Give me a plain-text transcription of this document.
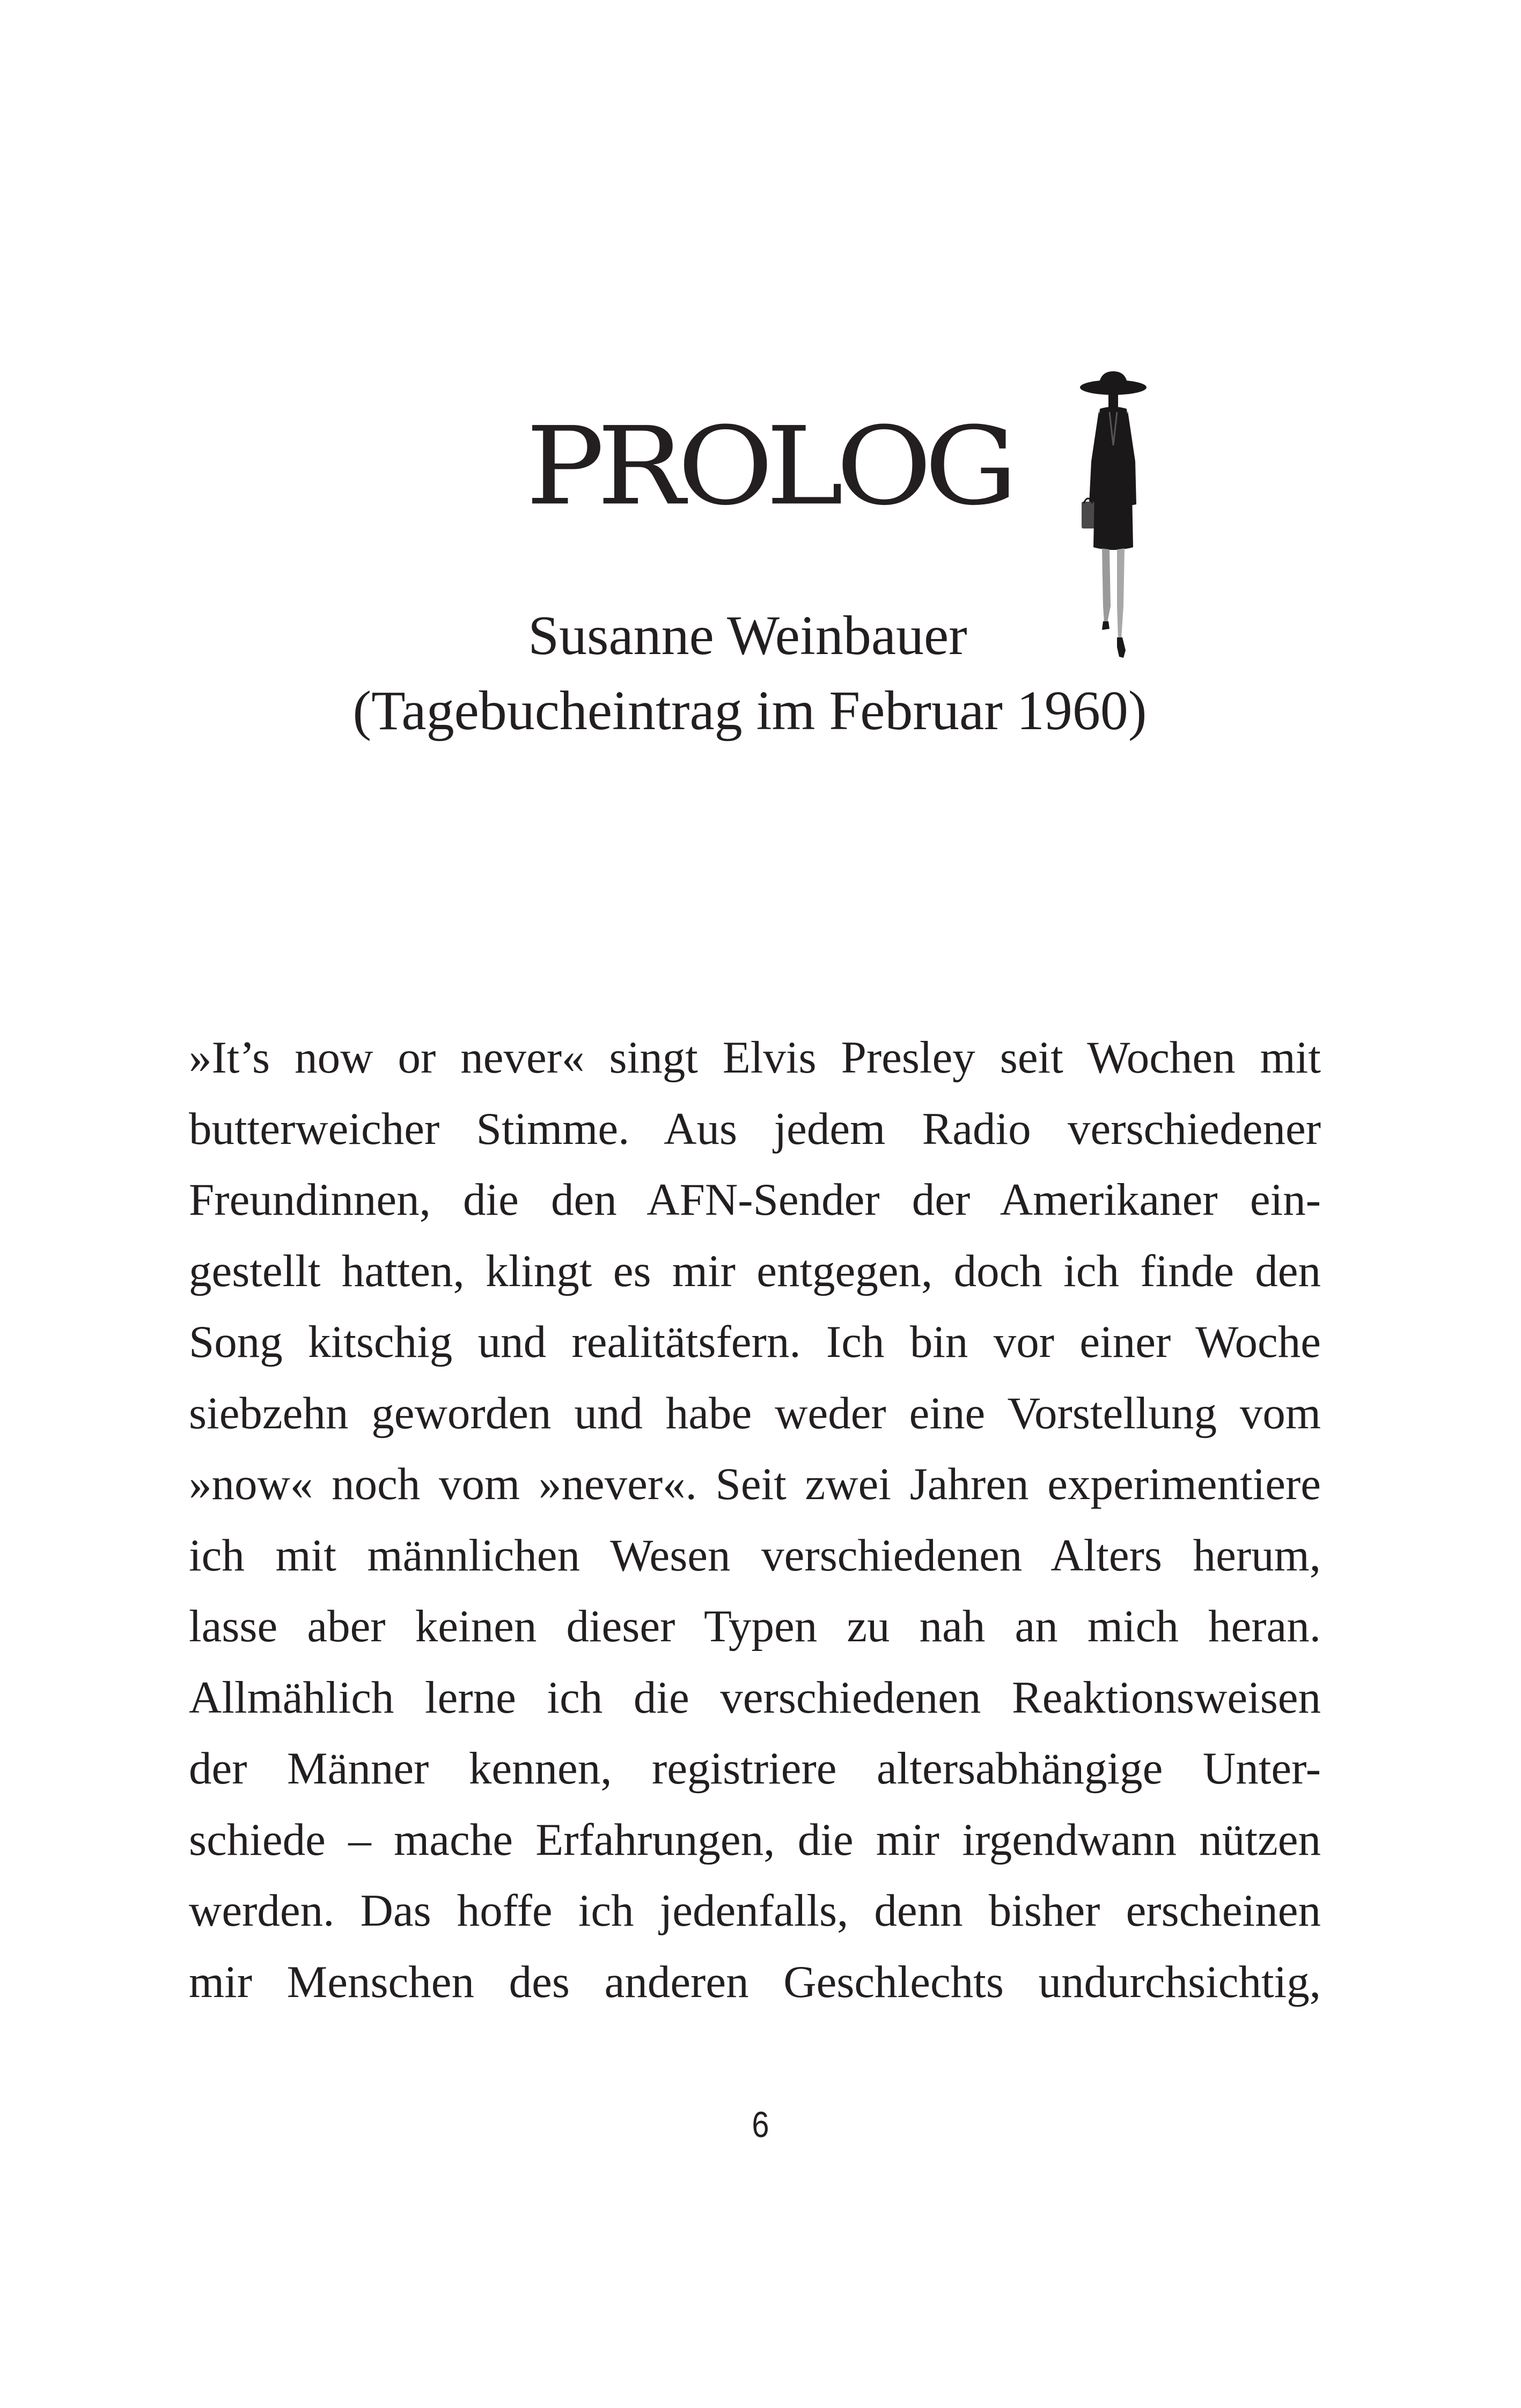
PROLOG
Susanne Weinbauer
(Tagebucheintrag im Februar 1960)
»It’s now or never« singt Elvis Presley seit Wochen mit
butterweicher Stimme. Aus jedem Radio verschiedener
Freundinnen, die den AFN-Sender der Amerikaner ein-
gestellt hatten, klingt es mir entgegen, doch ich finde den
Song kitschig und realitätsfern. Ich bin vor einer Woche
siebzehn geworden und habe weder eine Vorstellung vom
»now« noch vom »never«. Seit zwei Jahren experimentiere
ich mit männlichen Wesen verschiedenen Alters herum,
lasse aber keinen dieser Typen zu nah an mich heran.
Allmählich lerne ich die verschiedenen Reaktionsweisen
der Männer kennen, registriere altersabhängige Unter-
schiede – mache Erfahrungen, die mir irgendwann nützen
werden. Das hoffe ich jedenfalls, denn bisher erscheinen
mir Menschen des anderen Geschlechts undurchsichtig,
6
